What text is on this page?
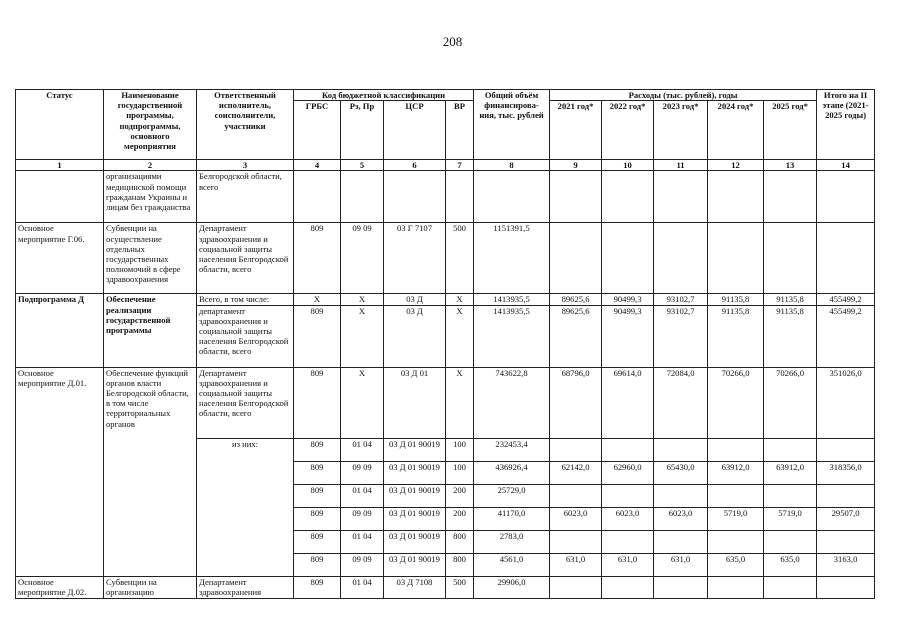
208
Статус	Наименование государственной программы, подпрограммы, основного мероприятия	Ответственный исполнитель, соисполнители, участники	Код бюджетной классификации				Общий объём финансирова-ния, тыс. рублей	Расходы (тыс. рублей), годы					Итого на II этапе (2021-2025 годы)
			ГРБС	Рз, Пр	ЦСР	ВР		2021 год*	2022 год*	2023 год*	2024 год*	2025 год*	
1	2	3	4	5	6	7	8	9	10	11	12	13	14
	организациями медицинской помощи гражданам Украины и лицам без гражданства	Белгородской области, всего											
Основное мероприятие Г.06.	Субвенции на осуществление отдельных государственных полномочий в сфере здравоохранения	Департамент здравоохранения и социальной защиты населения Белгородской области, всего	809	09 09	03 Г 7107	500	1151391,5						
Подпрограмма Д	Обеспечение реализации государственной программы	Всего, в том числе:	Х	Х	03 Д	Х	1413935,5	89625,6	90499,3	93102,7	91135,8	91135,8	455499,2
		департамент здравоохранения и социальной защиты населения Белгородской области, всего	809	Х	03 Д	Х	1413935,5	89625,6	90499,3	93102,7	91135,8	91135,8	455499,2
Основное мероприятие Д.01.	Обеспечение функций органов власти Белгородской области, в том числе территориальных органов	Департамент здравоохранения и социальной защиты населения Белгородской области, всего	809	Х	03 Д 01	Х	743622,8	68796,0	69614,0	72084,0	70266,0	70266,0	351026,0
		из них:	809	01 04	03 Д 01 90019	100	232453,4						
			809	09 09	03 Д 01 90019	100	436926,4	62142,0	62960,0	65430,0	63912,0	63912,0	318356,0
			809	01 04	03 Д 01 90019	200	25729,0						
			809	09 09	03 Д 01 90019	200	41170,0	6023,0	6023,0	6023,0	5719,0	5719,0	29507,0
			809	01 04	03 Д 01 90019	800	2783,0						
			809	09 09	03 Д 01 90019	800	4561,0	631,0	631,0	631,0	635,0	635,0	3163,0
Основное мероприятие Д.02.	Субвенции на организацию	Департамент здравоохранения	809	01 04	03 Д 7108	500	29906,0						
